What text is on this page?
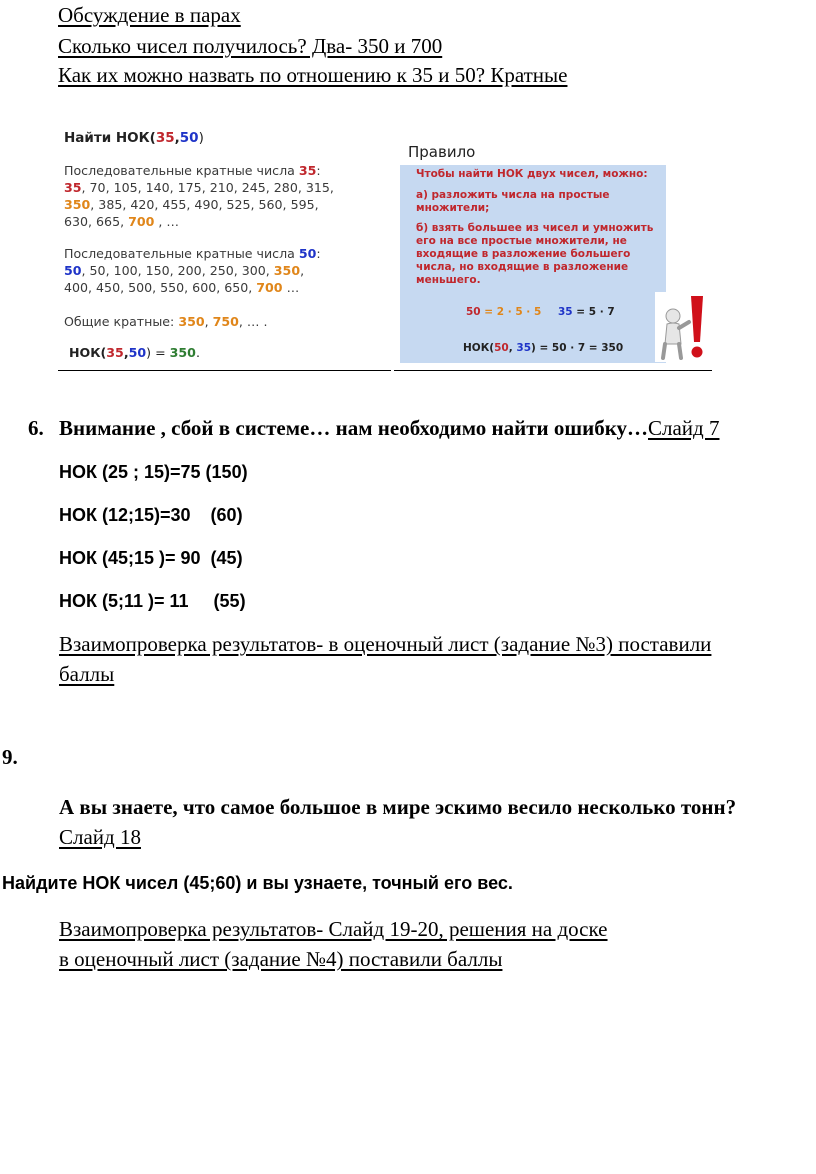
Обсуждение в парах
Сколько чисел получилось? Два- 350 и 700
Как их можно назвать по отношению к 35 и 50? Кратные
Найти НОК(35,50)
Последовательные кратные числа 35:
35, 70, 105, 140, 175, 210, 245, 280, 315,
350, 385, 420, 455, 490, 525, 560, 595,
630, 665, 700 , …
Последовательные кратные числа 50:
50, 50, 100, 150, 200, 250, 300, 350,
400, 450, 500, 550, 600, 650, 700 …
Общие кратные: 350, 750, … .
НОК(35,50) = 350.
Правило
Чтобы найти НОК двух чисел, можно:
а) разложить числа на простые
множители;
б) взять большее из чисел и умножить
его на все простые множители, не
входящие в разложение большего
числа, но входящие в разложение
меньшего.
50 = 2 · 5 · 5 35 = 5 · 7
НОК(50, 35) = 50 · 7 = 350
6. Внимание , сбой в системе… нам необходимо найти ошибку…Слайд 7
НОК (25 ; 15)=75 (150)
НОК (12;15)=30    (60)
НОК (45;15 )= 90  (45)
НОК (5;11 )= 11     (55)
Взаимопроверка результатов- в оценочный лист (задание №3) поставили
баллы
9.
А вы знаете, что самое большое в мире эскимо весило несколько тонн?
Слайд 18
Найдите НОК чисел (45;60) и вы узнаете, точный его вес.
Взаимопроверка результатов- Слайд 19-20, решения на доске
в оценочный лист (задание №4) поставили баллы
